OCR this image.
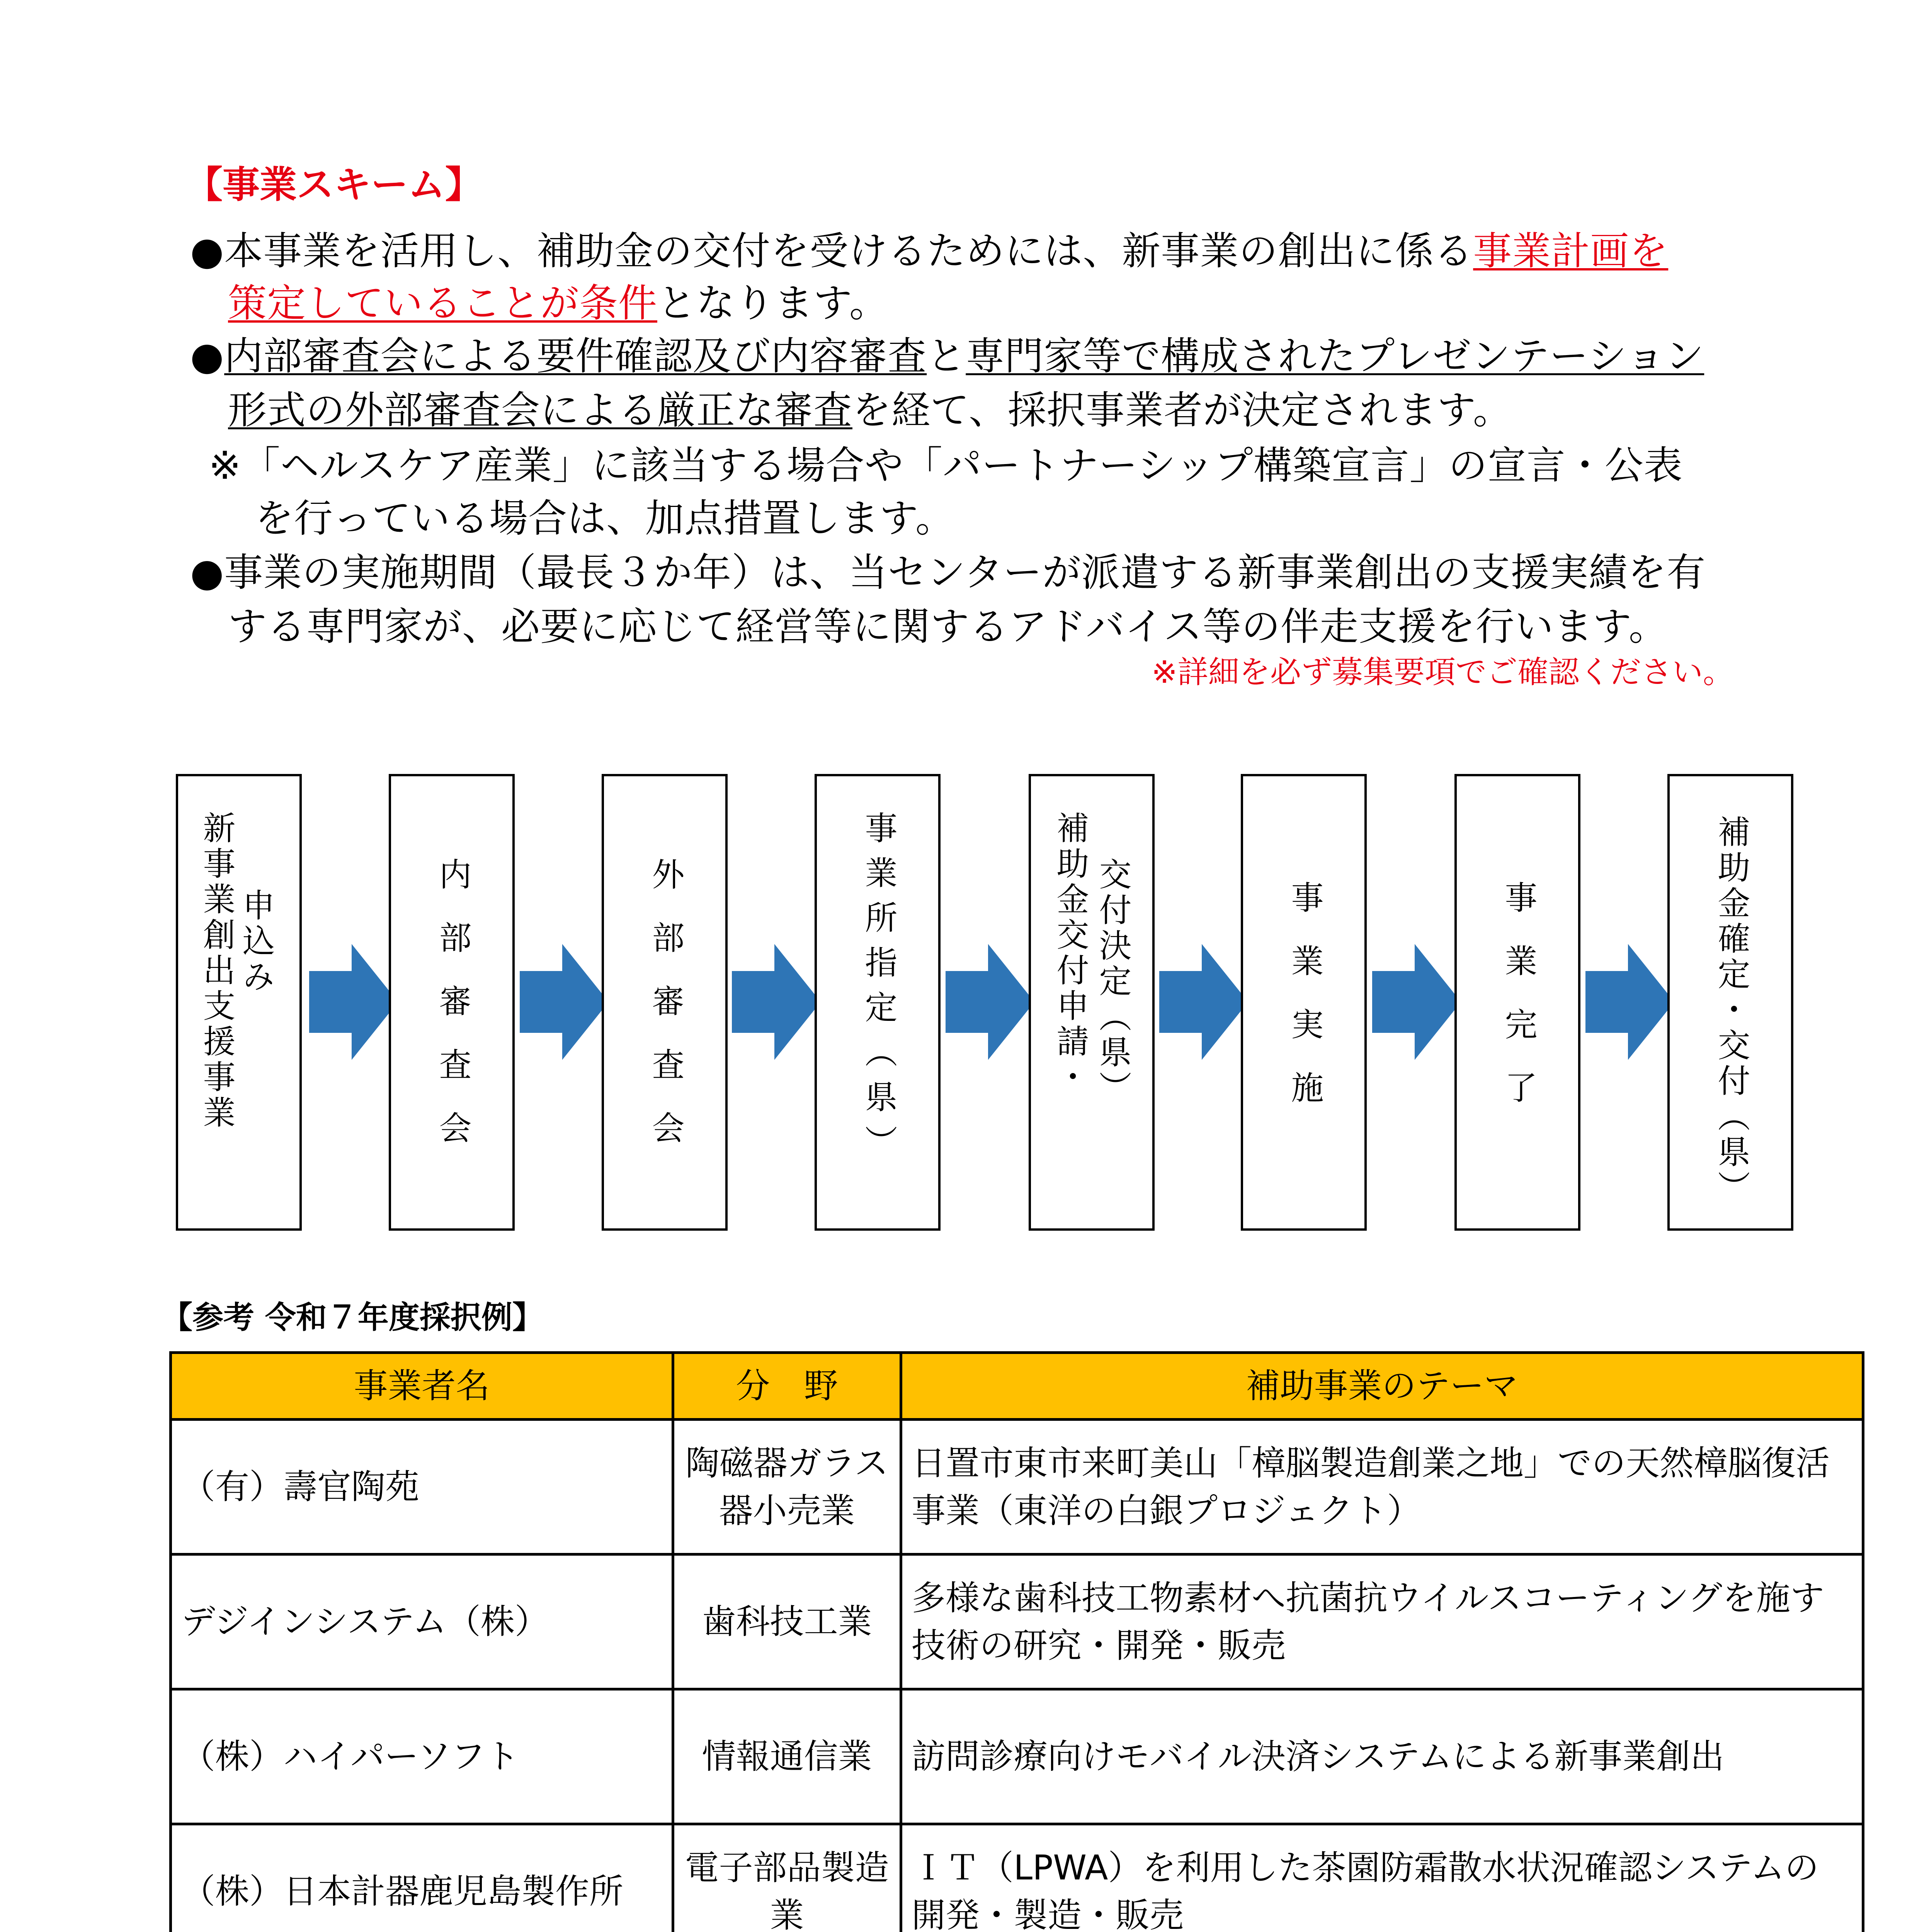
【事業スキーム】
●本事業を活用し、補助金の交付を受けるためには、新事業の創出に係る事業計画を
策定していることが条件となります。
●内部審査会による要件確認及び内容審査と専門家等で構成されたプレゼンテーション
形式の外部審査会による厳正な審査を経て、採択事業者が決定されます。
※「ヘルスケア産業」に該当する場合や「パートナーシップ構築宣言」の宣言・公表
を行っている場合は、加点措置します。
●事業の実施期間（最長３か年）は、当センターが派遣する新事業創出の支援実績を有
する専門家が、必要に応じて経営等に関するアドバイス等の伴走支援を行います。
※詳細を必ず募集要項でご確認ください。
新事業創出支援事業 申込み	内部審査会	外部審査会	事業所指定（県）	補助金交付申請・ 交付決定（県）	事業実施	事業完了	補助金確定・交付（県）
【参考 令和７年度採択例】
事業者名	分　野	補助事業のテーマ
（有）壽官陶苑	陶磁器ガラス器小売業	日置市東市来町美山「樟脳製造創業之地」での天然樟脳復活事業（東洋の白銀プロジェクト）
デジインシステム（株）	歯科技工業	多様な歯科技工物素材へ抗菌抗ウイルスコーティングを施す技術の研究・開発・販売
（株）ハイパーソフト	情報通信業	訪問診療向けモバイル決済システムによる新事業創出
（株）日本計器鹿児島製作所	電子部品製造業	ＩＴ（LPWA）を利用した茶園防霜散水状況確認システムの開発・製造・販売
